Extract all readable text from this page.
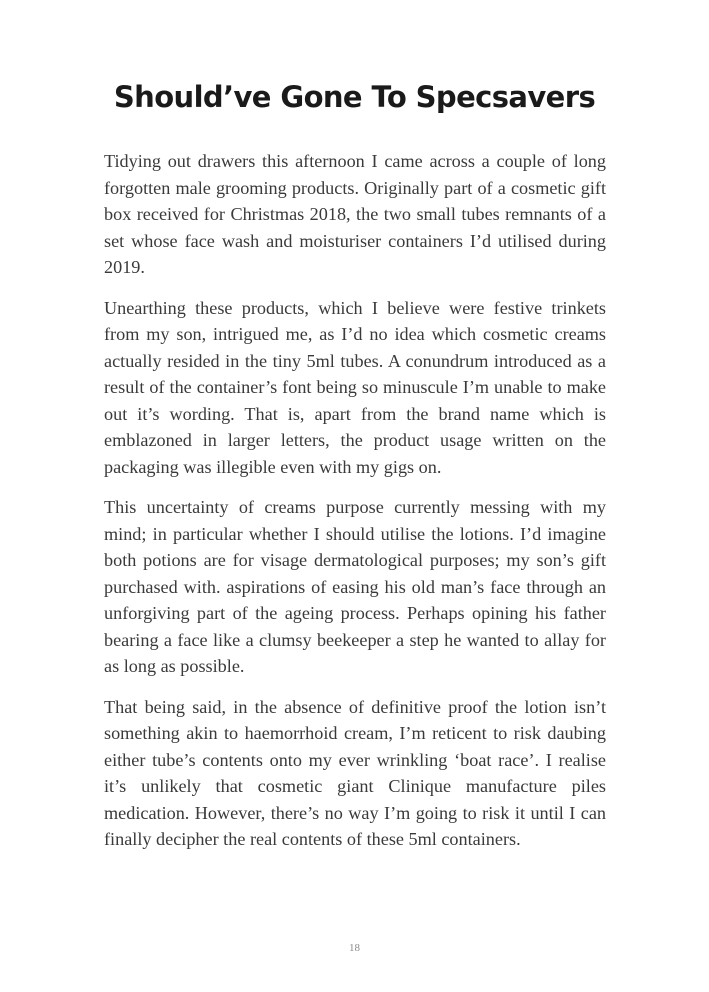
Should’ve Gone To Specsavers

Tidying out drawers this afternoon I came across a couple of long forgotten male grooming products. Originally part of a cosmetic gift box received for Christmas 2018, the two small tubes remnants of a set whose face wash and moisturiser containers I’d utilised during 2019.

Unearthing these products, which I believe were festive trinkets from my son, intrigued me, as I’d no idea which cosmetic creams actually resided in the tiny 5ml tubes. A conundrum introduced as a result of the container’s font being so minuscule I’m unable to make out it’s wording. That is, apart from the brand name which is emblazoned in larger letters, the product usage written on the packaging was illegible even with my gigs on.

This uncertainty of creams purpose currently messing with my mind; in particular whether I should utilise the lotions. I’d imagine both potions are for visage dermatological purposes; my son’s gift purchased with. aspirations of easing his old man’s face through an unforgiving part of the ageing process. Perhaps opining his father bearing a face like a clumsy beekeeper a step he wanted to allay for as long as possible.

That being said, in the absence of definitive proof the lotion isn’t something akin to haemorrhoid cream, I’m reticent to risk daubing either tube’s contents onto my ever wrinkling ‘boat race’. I realise it’s unlikely that cosmetic giant Clinique manufacture piles medication. However, there’s no way I’m going to risk it until I can finally decipher the real contents of these 5ml containers.

18
